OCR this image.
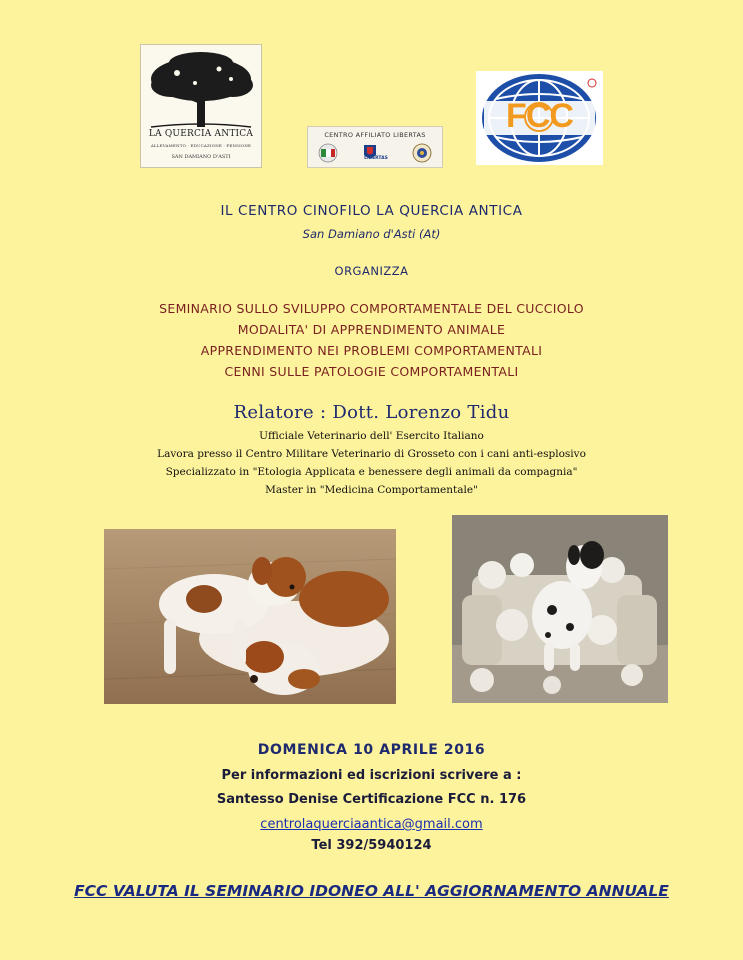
LA QUERCIA ANTICA
ALLEVAMENTO · EDUCAZIONE · PENSIONE
SAN DAMIANO D'ASTI
CENTRO AFFILIATO LIBERTAS
LIBERTAS
FCC
IL CENTRO CINOFILO LA QUERCIA ANTICA
San Damiano d'Asti (At)
ORGANIZZA
SEMINARIO SULLO SVILUPPO COMPORTAMENTALE DEL CUCCIOLO
MODALITA' DI APPRENDIMENTO ANIMALE
APPRENDIMENTO NEI PROBLEMI COMPORTAMENTALI
CENNI SULLE PATOLOGIE COMPORTAMENTALI
Relatore : Dott. Lorenzo Tidu
Ufficiale Veterinario dell' Esercito Italiano
Lavora presso il Centro Militare Veterinario di Grosseto con i cani anti-esplosivo
Specializzato in "Etologia Applicata e benessere degli animali da compagnia"
Master in "Medicina Comportamentale"
DOMENICA 10 APRILE 2016
Per informazioni ed iscrizioni scrivere a :
Santesso Denise Certificazione FCC n. 176
centrolaquerciaantica@gmail.com
Tel 392/5940124
FCC VALUTA IL SEMINARIO IDONEO ALL' AGGIORNAMENTO ANNUALE
